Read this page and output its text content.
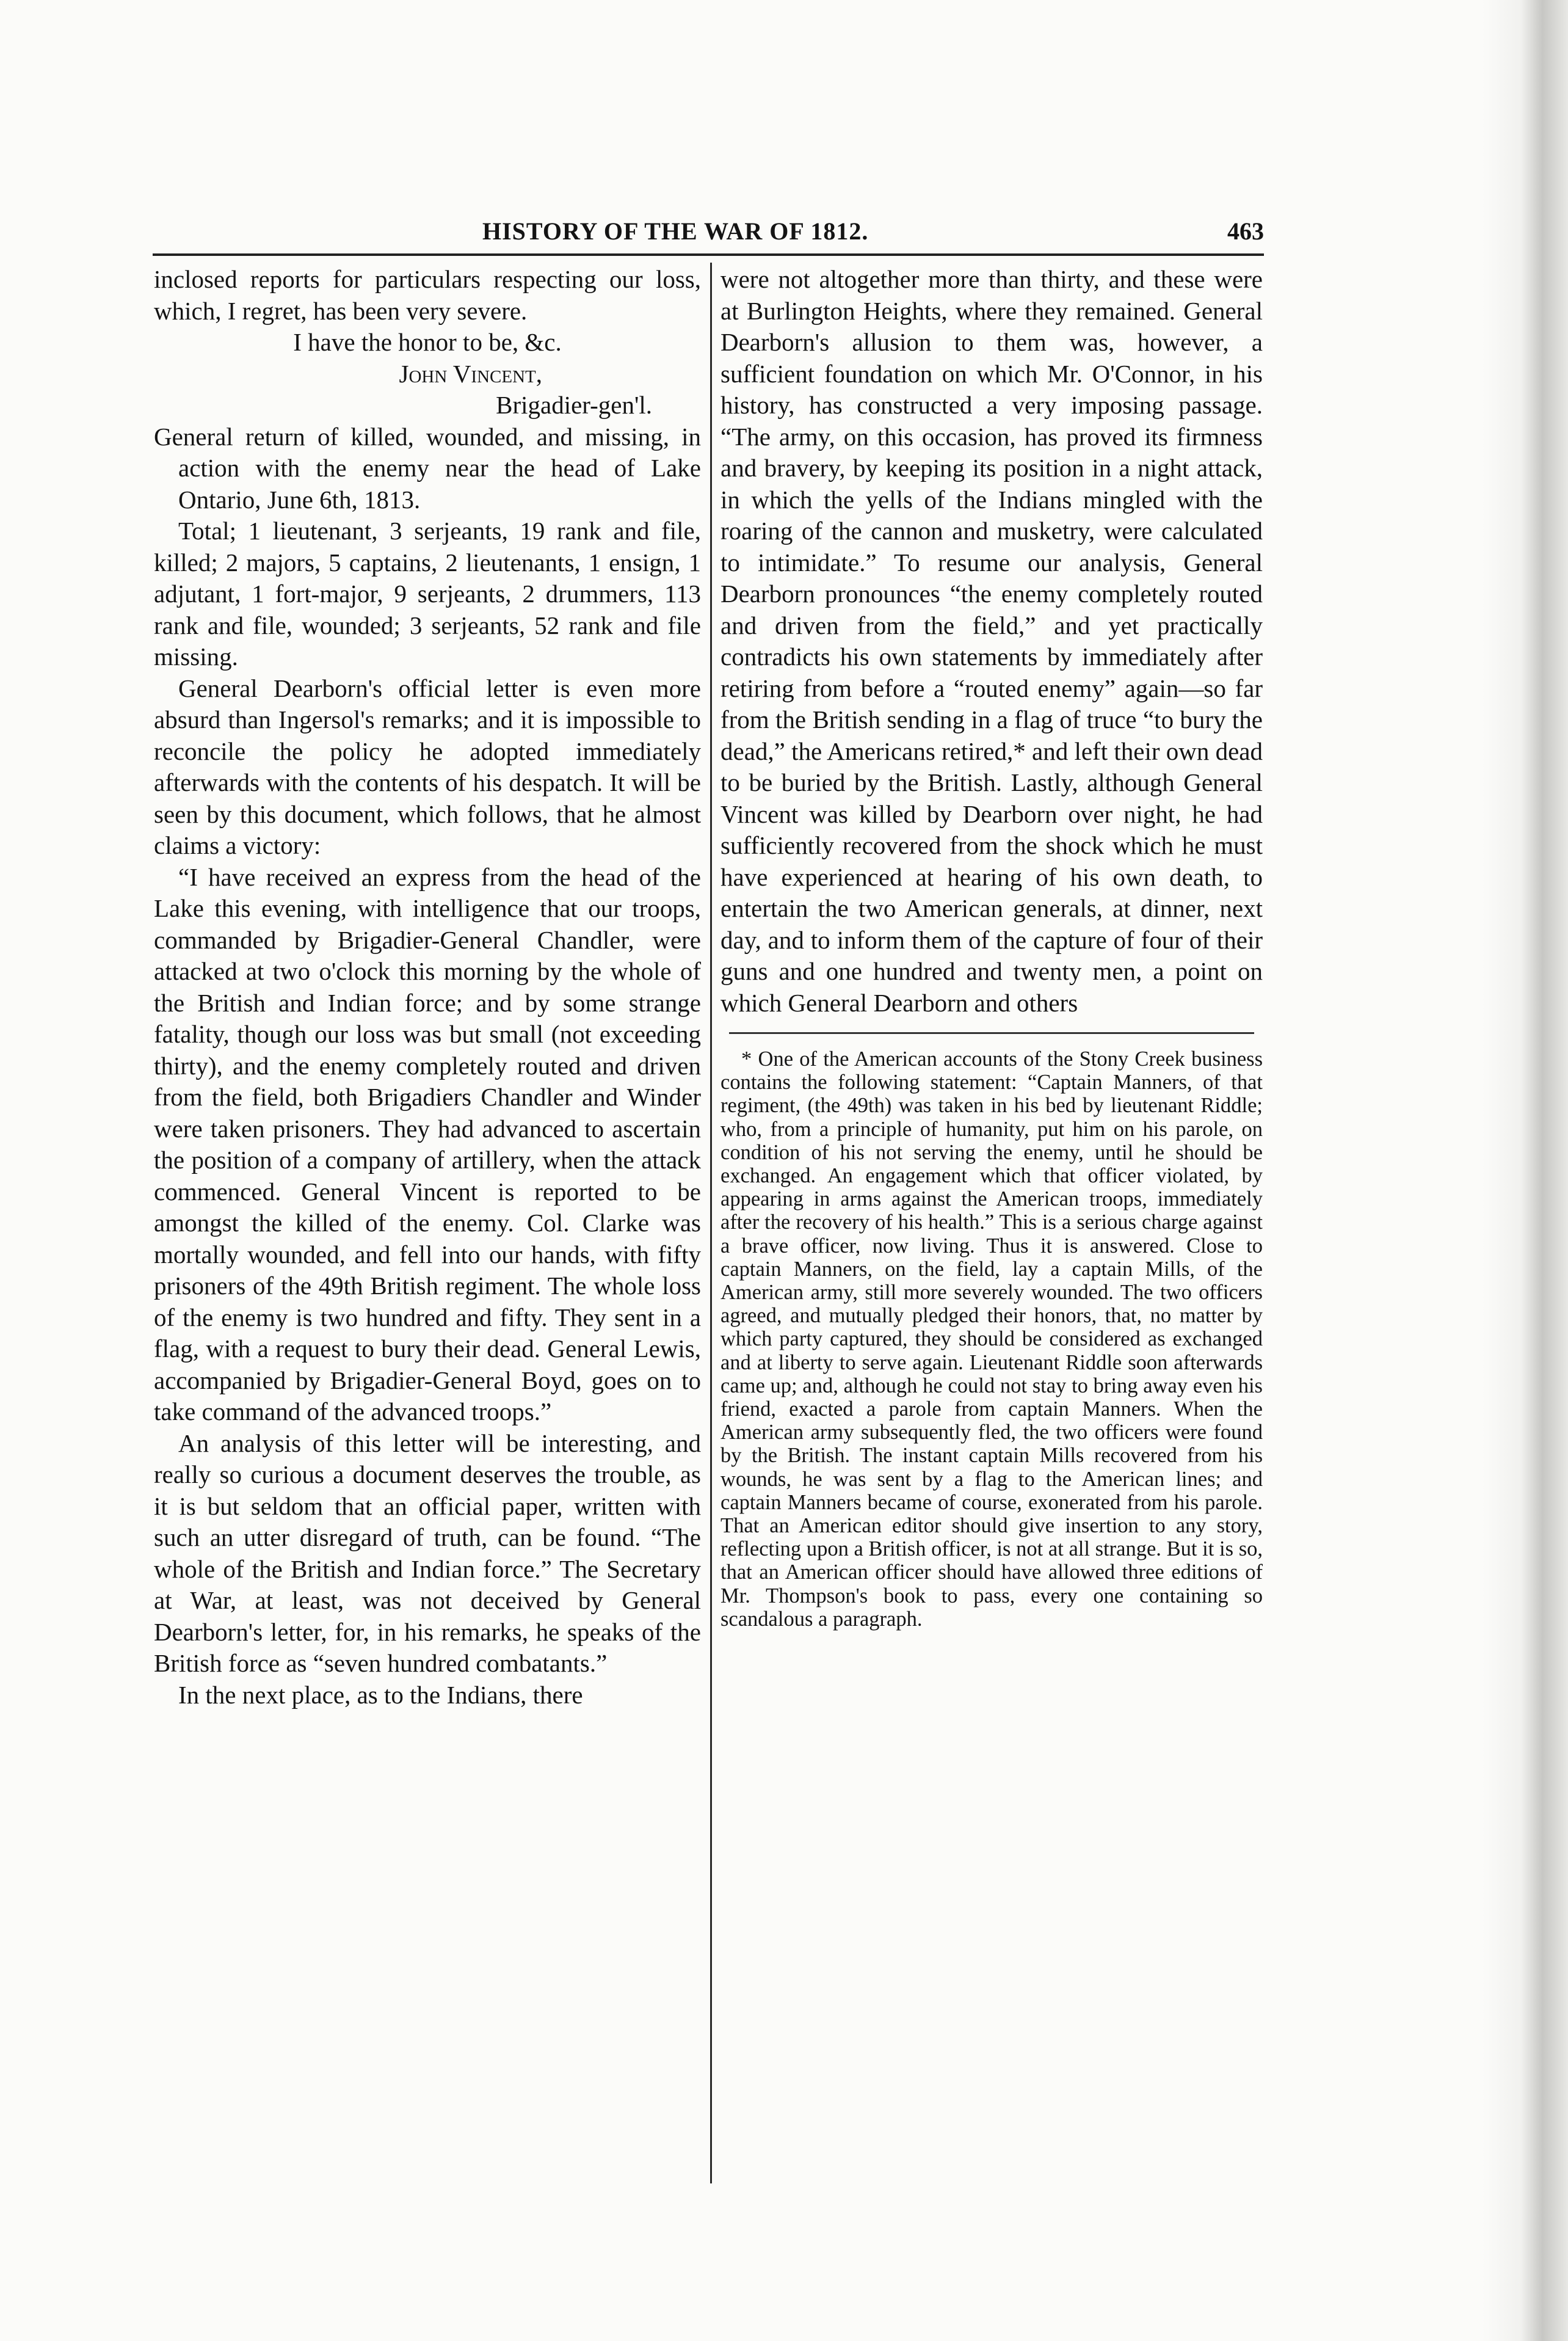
HISTORY OF THE WAR OF 1812.	463

inclosed reports for particulars respecting our loss, which, I regret, has been very severe.

I have the honor to be, &c.

John Vincent,

Brigadier-gen'l.

General return of killed, wounded, and missing, in action with the enemy near the head of Lake Ontario, June 6th, 1813.

Total; 1 lieutenant, 3 serjeants, 19 rank and file, killed; 2 majors, 5 captains, 2 lieutenants, 1 ensign, 1 adjutant, 1 fort-major, 9 serjeants, 2 drummers, 113 rank and file, wounded; 3 serjeants, 52 rank and file missing.

General Dearborn's official letter is even more absurd than Ingersol's remarks; and it is impossible to reconcile the policy he adopted immediately afterwards with the contents of his despatch. It will be seen by this document, which follows, that he almost claims a victory:

“I have received an express from the head of the Lake this evening, with intelligence that our troops, commanded by Brigadier-General Chandler, were attacked at two o'clock this morning by the whole of the British and Indian force; and by some strange fatality, though our loss was but small (not exceeding thirty), and the enemy completely routed and driven from the field, both Brigadiers Chandler and Winder were taken prisoners. They had advanced to ascertain the position of a company of artillery, when the attack commenced. General Vincent is reported to be amongst the killed of the enemy. Col. Clarke was mortally wounded, and fell into our hands, with fifty prisoners of the 49th British regiment. The whole loss of the enemy is two hundred and fifty. They sent in a flag, with a request to bury their dead. General Lewis, accompanied by Brigadier-General Boyd, goes on to take command of the advanced troops.”

An analysis of this letter will be interesting, and really so curious a document deserves the trouble, as it is but seldom that an official paper, written with such an utter disregard of truth, can be found. “The whole of the British and Indian force.” The Secretary at War, at least, was not deceived by General Dearborn's letter, for, in his remarks, he speaks of the British force as “seven hundred combatants.”

In the next place, as to the Indians, there

were not altogether more than thirty, and these were at Burlington Heights, where they remained. General Dearborn's allusion to them was, however, a sufficient foundation on which Mr. O'Connor, in his history, has constructed a very imposing passage. “The army, on this occasion, has proved its firmness and bravery, by keeping its position in a night attack, in which the yells of the Indians mingled with the roaring of the cannon and musketry, were calculated to intimidate.” To resume our analysis, General Dearborn pronounces “the enemy completely routed and driven from the field,” and yet practically contradicts his own statements by immediately after retiring from before a “routed enemy” again—so far from the British sending in a flag of truce “to bury the dead,” the Americans retired,* and left their own dead to be buried by the British. Lastly, although General Vincent was killed by Dearborn over night, he had sufficiently recovered from the shock which he must have experienced at hearing of his own death, to entertain the two American generals, at dinner, next day, and to inform them of the capture of four of their guns and one hundred and twenty men, a point on which General Dearborn and others

* One of the American accounts of the Stony Creek business contains the following statement: “Captain Manners, of that regiment, (the 49th) was taken in his bed by lieutenant Riddle; who, from a principle of humanity, put him on his parole, on condition of his not serving the enemy, until he should be exchanged. An engagement which that officer violated, by appearing in arms against the American troops, immediately after the recovery of his health.” This is a serious charge against a brave officer, now living. Thus it is answered. Close to captain Manners, on the field, lay a captain Mills, of the American army, still more severely wounded. The two officers agreed, and mutually pledged their honors, that, no matter by which party captured, they should be considered as exchanged and at liberty to serve again. Lieutenant Riddle soon afterwards came up; and, although he could not stay to bring away even his friend, exacted a parole from captain Manners. When the American army subsequently fled, the two officers were found by the British. The instant captain Mills recovered from his wounds, he was sent by a flag to the American lines; and captain Manners became of course, exonerated from his parole. That an American editor should give insertion to any story, reflecting upon a British officer, is not at all strange. But it is so, that an American officer should have allowed three editions of Mr. Thompson's book to pass, every one containing so scandalous a paragraph.
